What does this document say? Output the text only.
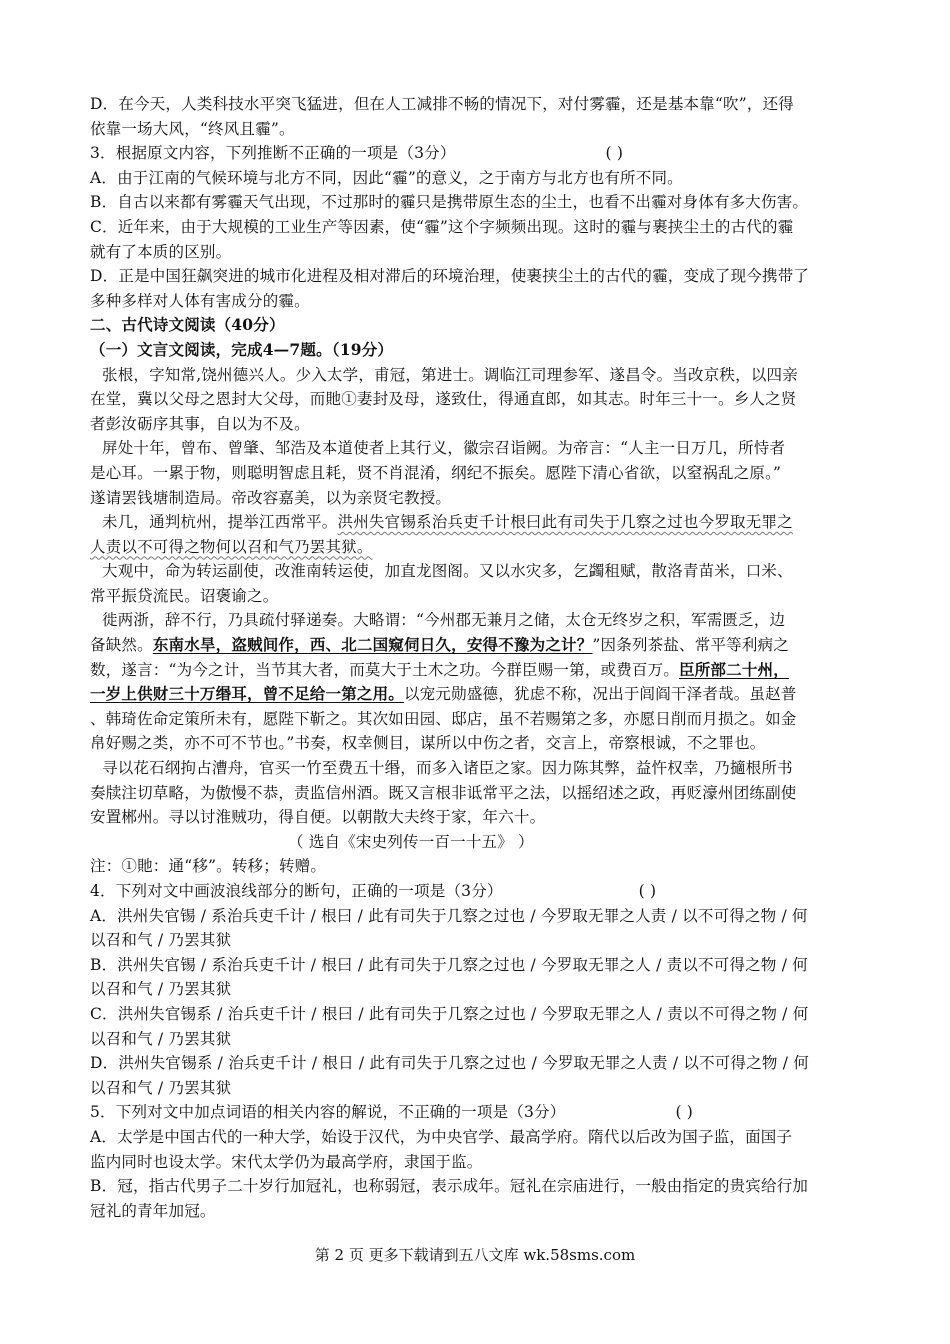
D．在今天，人类科技水平突飞猛进，但在人工减排不畅的情况下，对付雾霾，还是基本靠“吹”，还得
依靠一场大风，“终风且霾”。
3．根据原文内容，下列推断不正确的一项是（3分）	( )
A．由于江南的气候环境与北方不同，因此“霾”的意义，之于南方与北方也有所不同。
B．自古以来都有雾霾天气出现，不过那时的霾只是携带原生态的尘土，也看不出霾对身体有多大伤害。
C．近年来，由于大规模的工业生产等因素，使“霾”这个字频频出现。这时的霾与裹挟尘土的古代的霾
就有了本质的区别。
D．正是中国狂飙突进的城市化进程及相对滞后的环境治理，使裹挟尘土的古代的霾，变成了现今携带了
多种多样对人体有害成分的霾。
二、古代诗文阅读（40分）
（一）文言文阅读，完成4—7题。（19分）
张根，字知常,饶州德兴人。少入太学，甫冠，第进士。调临江司理参军、遂昌令。当改京秩，以四亲
在堂，冀以父母之恩封大父母，而貤①妻封及母，遂致仕，得通直郎，如其志。时年三十一。乡人之贤
者彭汝砺序其事，自以为不及。
屏处十年，曾布、曾肇、邹浩及本道使者上其行义，徽宗召诣阙。为帝言：“人主一日万几，所恃者
是心耳。一累于物，则聪明智虑且耗，贤不肖混淆，纲纪不振矣。愿陛下清心省欲，以窒祸乱之原。”
遂请罢钱塘制造局。帝改容嘉美，以为亲贤宅教授。
未几，通判杭州，提举江西常平。洪州失官锡系治兵吏千计根曰此有司失于几察之过也今罗取无罪之
人责以不可得之物何以召和气乃罢其狱。
大观中，命为转运副使，改淮南转运使，加直龙图阁。又以水灾多，乞蠲租赋，散洛青苗米，口米、
常平振贷流民。诏褒谕之。
徙两浙，辞不行，乃具疏付驿递奏。大略谓：“今州郡无兼月之储，太仓无终岁之积，军需匮乏，边
备缺然。东南水旱，盗贼间作，西、北二国窥伺日久，安得不豫为之计？”因条列茶盐、常平等利病之
数，遂言：“为今之计，当节其大者，而莫大于土木之功。今群臣赐一第，或费百万。臣所部二十州，
一岁上供财三十万缗耳，曾不足给一第之用。以宠元勋盛德，犹虑不称，况出于闾阎干泽者哉。虽赵普
、韩琦佐命定策所未有，愿陛下靳之。其次如田园、邸店，虽不若赐第之多，亦愿日削而月损之。如金
帛好赐之类，亦不可不节也。”书奏，权幸侧目，谋所以中伤之者，交言上，帝察根诚，不之罪也。
寻以花石纲拘占漕舟，官买一竹至费五十缗，而多入诸臣之家。因力陈其弊，益忤权幸，乃擿根所书
奏牍注切草略，为傲慢不恭，责监信州酒。既又言根非诋常平之法，以摇绍述之政，再贬濠州团练副使
安置郴州。寻以讨淮贼功，得自便。以朝散大夫终于家，年六十。
（ 选自《宋史列传一百一十五》 ）
注：①貤：通“移”。转移；转赠。
4．下列对文中画波浪线部分的断句，正确的一项是（3分）	( )
A．洪州失官锡 / 系治兵吏千计 / 根曰 / 此有司失于几察之过也 / 今罗取无罪之人责 / 以不可得之物 / 何
以召和气 / 乃罢其狱
B．洪州失官锡 / 系治兵吏千计 / 根曰 / 此有司失于几察之过也 / 今罗取无罪之人 / 责以不可得之物 / 何
以召和气 / 乃罢其狱
C．洪州失官锡系 / 治兵吏千计 / 根曰 / 此有司失于几察之过也 / 今罗取无罪之人 / 责以不可得之物 / 何
以召和气 / 乃罢其狱
D．洪州失官锡系 / 治兵吏千计 / 根日 / 此有司失于几察之过也 / 今罗取无罪之人责 / 以不可得之物 / 何
以召和气 / 乃罢其狱
5．下列对文中加点词语的相关内容的解说，不正确的一项是（3分）	( )
A．太学是中国古代的一种大学，始设于汉代，为中央官学、最高学府。隋代以后改为国子监，面国子
监内同时也设太学。宋代太学仍为最高学府，隶国于监。
B．冠，指古代男子二十岁行加冠礼，也称弱冠，表示成年。冠礼在宗庙进行，一般由指定的贵宾给行加
冠礼的青年加冠。
第 2 页 更多下载请到五八文库 wk.58sms.com
